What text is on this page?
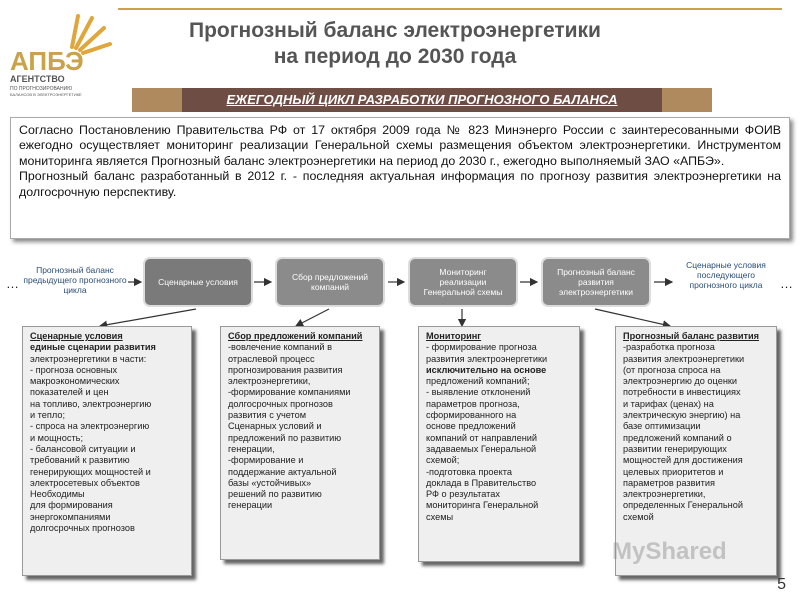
АПБЭ
АГЕНТСТВО
ПО ПРОГНОЗИРОВАНИЮ
БАЛАНСОВ В ЭЛЕКТРОЭНЕРГЕТИКЕ
Прогнозный баланс электроэнергетики
на период до 2030 года
ЕЖЕГОДНЫЙ ЦИКЛ РАЗРАБОТКИ ПРОГНОЗНОГО БАЛАНСА

Согласно Постановлению Правительства РФ от 17 октября 2009 года № 823 Минэнерго России с заинтересованными ФОИВ ежегодно осуществляет мониторинг реализации Генеральной схемы размещения объектом электроэнергетики. Инструментом мониторинга является Прогнозный баланс электроэнергетики на период до 2030 г., ежегодно выполняемый ЗАО «АПБЭ».

Прогнозный баланс разработанный в 2012 г. - последняя актуальная информация по прогнозу развития электроэнергетики на долгосрочную перспективу.

…
Прогнозный баланс предыдущего прогнозного цикла
Сценарные условия	Сбор предложений компаний
Мониторинг реализации Генеральной схемы
Прогнозный баланс развития электроэнергетики
Сценарные условия последующего прогнозного цикла	…
Сценарные условия
единые сценарии развития
электроэнергетики в части:
- прогноза основных
макроэкономических
показателей и цен
на топливо, электроэнергию
и тепло;
- спроса на электроэнергию
и мощность;
- балансовой ситуации и
требований к развитию
генерирующих мощностей и
электросетевых объектов
Необходимы
для формирования
энергокомпаниями
долгосрочных прогнозов
Сбор предложений компаний
-вовлечение компаний в
отраслевой процесс
прогнозирования развития
электроэнергетики,
-формирование компаниями
долгосрочных прогнозов
развития с учетом
Сценарных условий и
предложений по развитию
генерации,
-формирование и
поддержание актуальной
базы «устойчивых»
решений по развитию
генерации
Мониторинг
- формирование прогноза
развития электроэнергетики
исключительно на основе
предложений компаний;
- выявление отклонений
параметров прогноза,
сформированного на
основе предложений
компаний от направлений
задаваемых Генеральной
схемой;
-подготовка проекта
доклада в Правительство
РФ о результатах
мониторинга Генеральной
схемы
Прогнозный баланс развития
-разработка прогноза
развития электроэнергетики
(от прогноза спроса на
электроэнергию до оценки
потребности в инвестициях
и тарифах (ценах) на
электрическую энергию) на
базе оптимизации
предложений компаний о
развитии генерирующих
мощностей для достижения
целевых приоритетов и
параметров развития
электроэнергетики,
определенных Генеральной
схемой
MyShared
5
